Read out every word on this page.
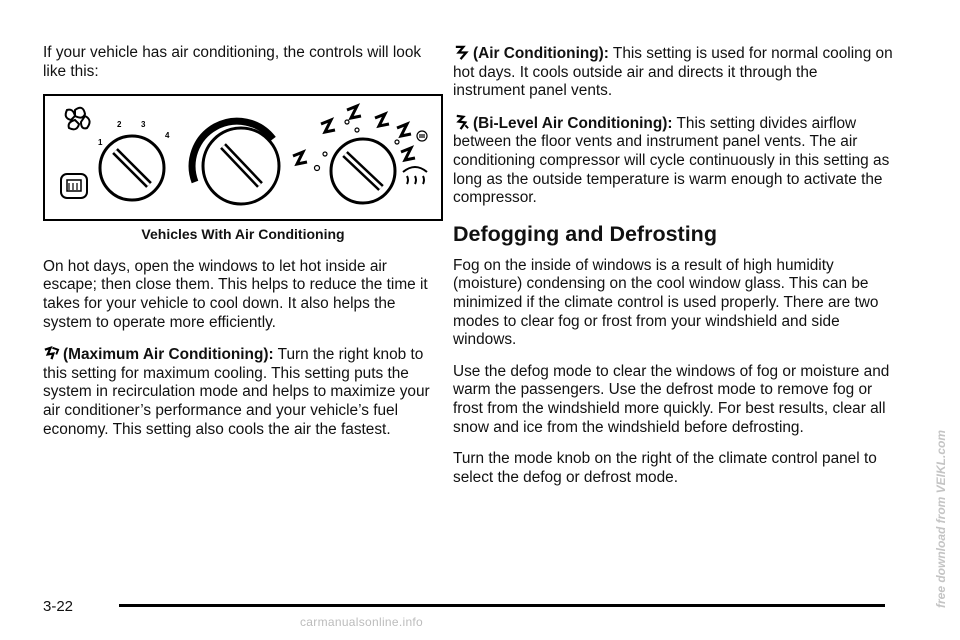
If your vehicle has air conditioning, the controls will look like this:

1
2 3
4
Vehicles With Air Conditioning

On hot days, open the windows to let hot inside air escape; then close them. This helps to reduce the time it takes for your vehicle to cool down. It also helps the system to operate more efficiently.

(Maximum Air Conditioning): Turn the right knob to this setting for maximum cooling. This setting puts the system in recirculation mode and helps to maximize your air conditioner’s performance and your vehicle’s fuel economy. This setting also cools the air the fastest.

(Air Conditioning): This setting is used for normal cooling on hot days. It cools outside air and directs it through the instrument panel vents.

(Bi-Level Air Conditioning): This setting divides airflow between the floor vents and instrument panel vents. The air conditioning compressor will cycle continuously in this setting as long as the outside temperature is warm enough to activate the compressor.

Defogging and Defrosting

Fog on the inside of windows is a result of high humidity (moisture) condensing on the cool window glass. This can be minimized if the climate control is used properly. There are two modes to clear fog or frost from your windshield and side windows.

Use the defog mode to clear the windows of fog or moisture and warm the passengers. Use the defrost mode to remove fog or frost from the windshield more quickly. For best results, clear all snow and ice from the windshield before defrosting.

Turn the mode knob on the right of the climate control panel to select the defog or defrost mode.

3-22	free download from VEIKL.com
carmanualsonline.info
